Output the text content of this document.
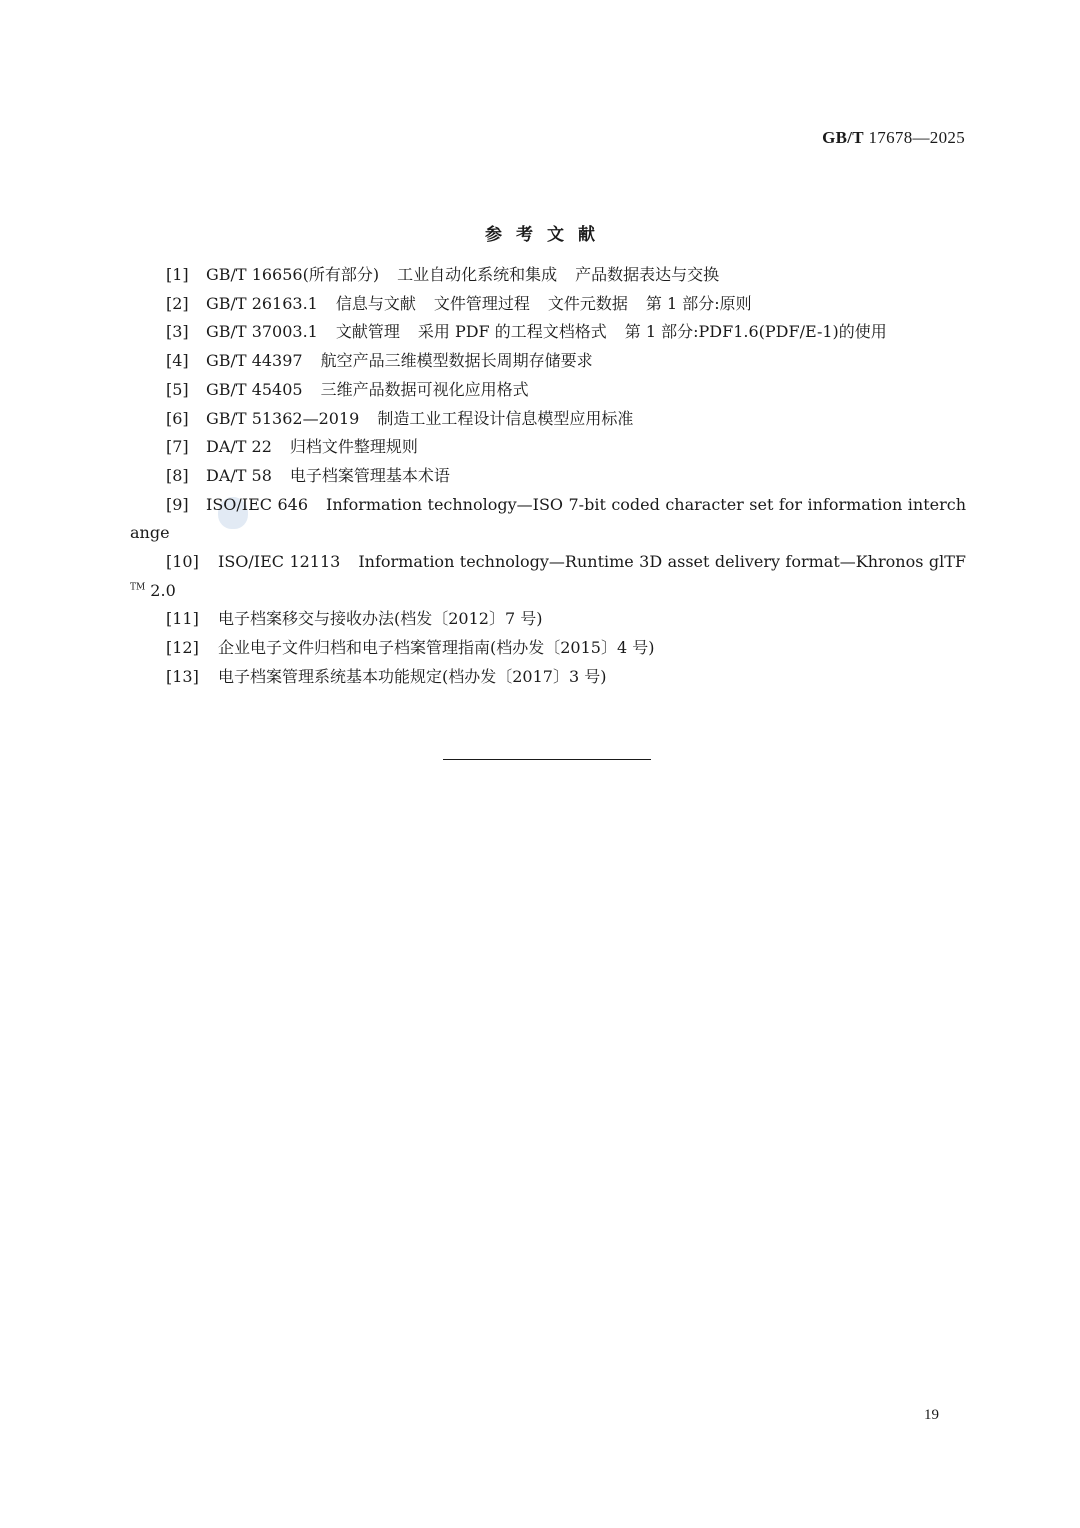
GB/T 17678—2025
参考文献
[1] GB/T 16656(所有部分) 工业自动化系统和集成 产品数据表达与交换
[2] GB/T 26163.1 信息与文献 文件管理过程 文件元数据 第 1 部分:原则
[3] GB/T 37003.1 文献管理 采用 PDF 的工程文档格式 第 1 部分:PDF1.6(PDF/E-1)的使用
[4] GB/T 44397 航空产品三维模型数据长周期存储要求
[5] GB/T 45405 三维产品数据可视化应用格式
[6] GB/T 51362—2019 制造工业工程设计信息模型应用标准
[7] DA/T 22 归档文件整理规则
[8] DA/T 58 电子档案管理基本术语
[9] ISO/IEC 646 Information technology—ISO 7-bit coded character set for information interchange
[10] ISO/IEC 12113 Information technology—Runtime 3D asset delivery format—Khronos glTF™ 2.0
[11] 电子档案移交与接收办法(档发〔2012〕7 号)
[12] 企业电子文件归档和电子档案管理指南(档办发〔2015〕4 号)
[13] 电子档案管理系统基本功能规定(档办发〔2017〕3 号)
19
